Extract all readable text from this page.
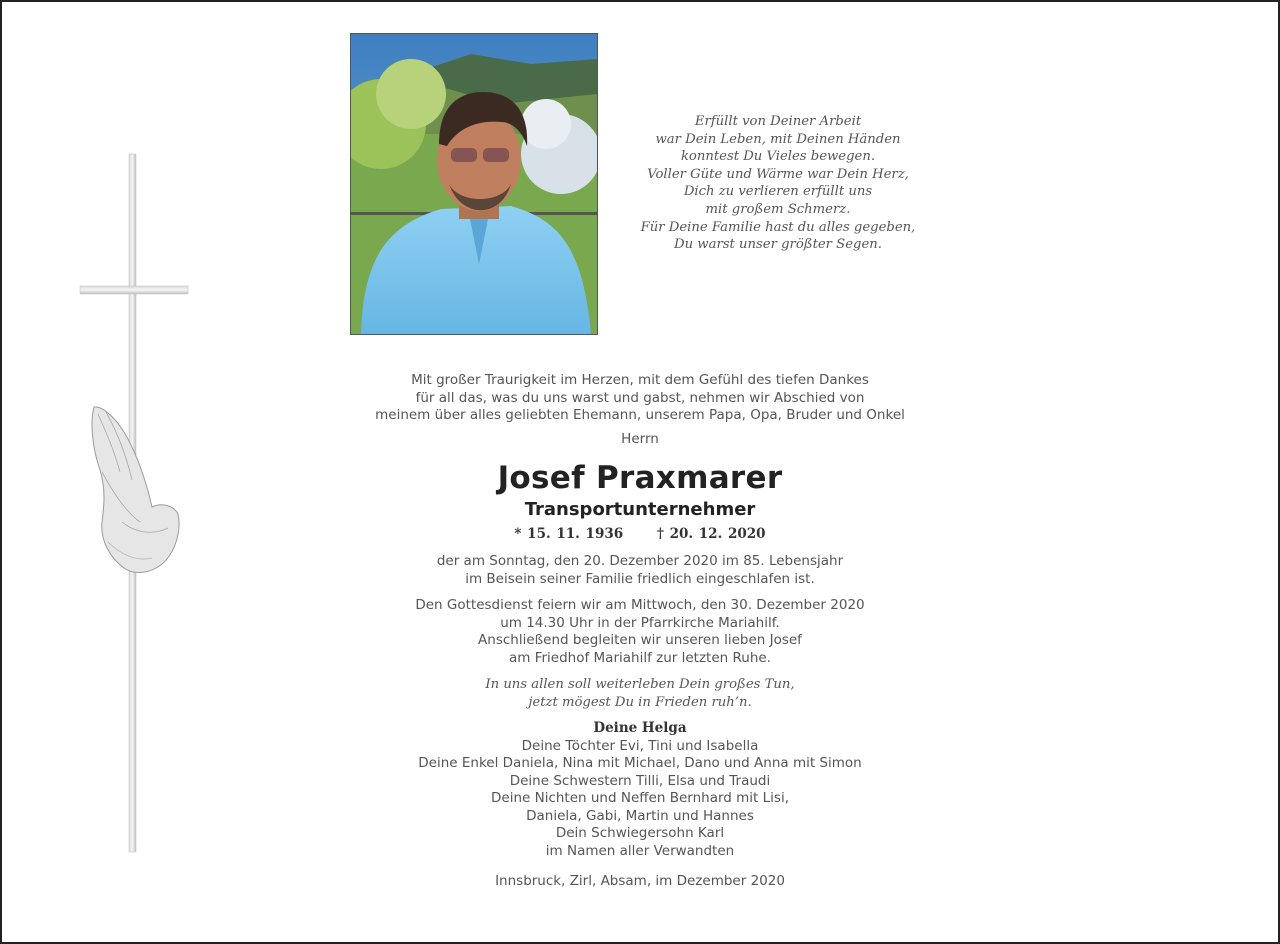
Erfüllt von Deiner Arbeit
war Dein Leben, mit Deinen Händen
konntest Du Vieles bewegen.
Voller Güte und Wärme war Dein Herz,
Dich zu verlieren erfüllt uns
mit großem Schmerz.
Für Deine Familie hast du alles gegeben,
Du warst unser größter Segen.
Mit großer Traurigkeit im Herzen, mit dem Gefühl des tiefen Dankes
für all das, was du uns warst und gabst, nehmen wir Abschied von
meinem über alles geliebten Ehemann, unserem Papa, Opa, Bruder und Onkel
Herrn
Josef Praxmarer
Transportunternehmer
* 15. 11. 1936 † 20. 12. 2020
der am Sonntag, den 20. Dezember 2020 im 85. Lebensjahr
im Beisein seiner Familie friedlich eingeschlafen ist.
Den Gottesdienst feiern wir am Mittwoch, den 30. Dezember 2020
um 14.30 Uhr in der Pfarrkirche Mariahilf.
Anschließend begleiten wir unseren lieben Josef
am Friedhof Mariahilf zur letzten Ruhe.
In uns allen soll weiterleben Dein großes Tun,
jetzt mögest Du in Frieden ruh’n.
Deine Helga
Deine Töchter Evi, Tini und Isabella
Deine Enkel Daniela, Nina mit Michael, Dano und Anna mit Simon
Deine Schwestern Tilli, Elsa und Traudi
Deine Nichten und Neffen Bernhard mit Lisi,
Daniela, Gabi, Martin und Hannes
Dein Schwiegersohn Karl
im Namen aller Verwandten
Innsbruck, Zirl, Absam, im Dezember 2020
